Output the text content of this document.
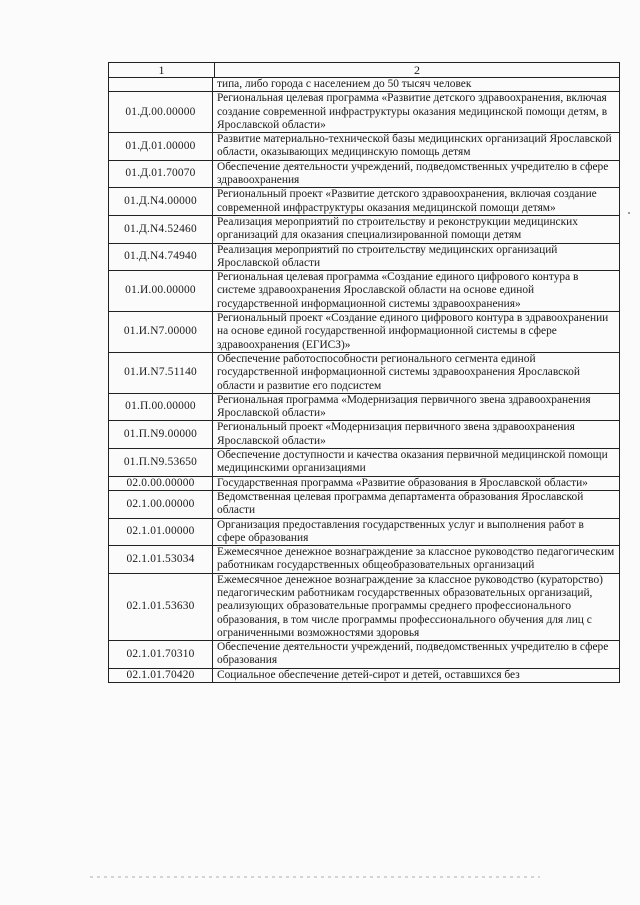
1	2
	типа, либо города с населением до 50 тысяч человек
01.Д.00.00000	Региональная целевая программа «Развитие детского здравоохранения, включая создание современной инфраструктуры оказания медицинской помощи детям, в Ярославской области»
01.Д.01.00000	Развитие материально-технической базы медицинских организаций Ярославской области, оказывающих медицинскую помощь детям
01.Д.01.70070	Обеспечение деятельности учреждений, подведомственных учредителю в сфере здравоохранения
01.Д.N4.00000	Региональный проект «Развитие детского здравоохранения, включая создание современной инфраструктуры оказания медицинской помощи детям»
01.Д.N4.52460	Реализация мероприятий по строительству и реконструкции медицинских организаций для оказания специализированной помощи детям
01.Д.N4.74940	Реализация мероприятий по строительству медицинских организаций Ярославской области
01.И.00.00000	Региональная целевая программа «Создание единого цифрового контура в системе здравоохранения Ярославской области на основе единой государственной информационной системы здравоохранения»
01.И.N7.00000	Региональный проект «Создание единого цифрового контура в здравоохранении на основе единой государственной информационной системы в сфере здравоохранения (ЕГИСЗ)»
01.И.N7.51140	Обеспечение работоспособности регионального сегмента единой государственной информационной системы здравоохранения Ярославской области и развитие его подсистем
01.П.00.00000	Региональная программа «Модернизация первичного звена здравоохранения Ярославской области»
01.П.N9.00000	Региональный проект «Модернизация первичного звена здравоохранения Ярославской области»
01.П.N9.53650	Обеспечение доступности и качества оказания первичной медицинской помощи медицинскими организациями
02.0.00.00000	Государственная программа «Развитие образования в Ярославской области»
02.1.00.00000	Ведомственная целевая программа департамента образования Ярославской области
02.1.01.00000	Организация предоставления государственных услуг и выполнения работ в сфере образования
02.1.01.53034	Ежемесячное денежное вознаграждение за классное руководство педагогическим работникам государственных общеобразовательных организаций
02.1.01.53630	Ежемесячное денежное вознаграждение за классное руководство (кураторство) педагогическим работникам государственных образовательных организаций, реализующих образовательные программы среднего профессионального образования, в том числе программы профессионального обучения для лиц с ограниченными возможностями здоровья
02.1.01.70310	Обеспечение деятельности учреждений, подведомственных учредителю в сфере образования
02.1.01.70420	Социальное обеспечение детей-сирот и детей, оставшихся без
